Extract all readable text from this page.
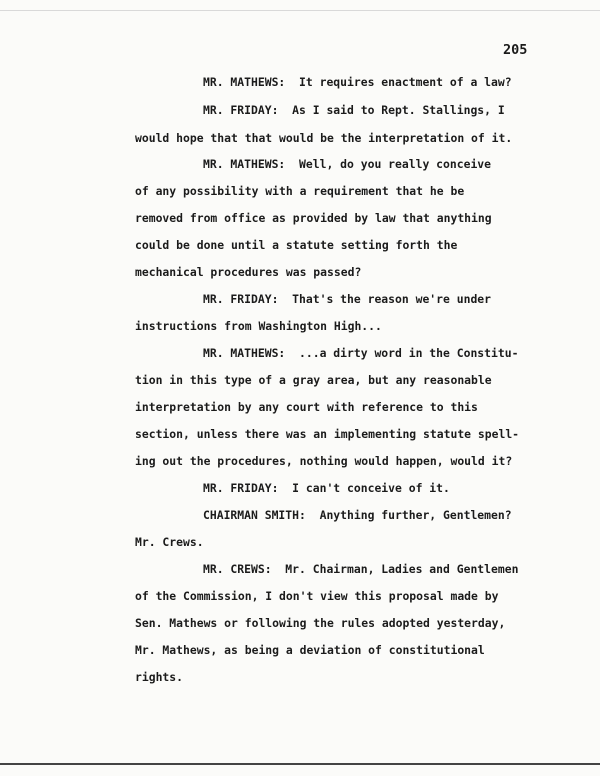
205
MR. MATHEWS:  It requires enactment of a law?
MR. FRIDAY:  As I said to Rept. Stallings, I
would hope that that would be the interpretation of it.
MR. MATHEWS:  Well, do you really conceive
of any possibility with a requirement that he be
removed from office as provided by law that anything
could be done until a statute setting forth the
mechanical procedures was passed?
MR. FRIDAY:  That's the reason we're under
instructions from Washington High...
MR. MATHEWS:  ...a dirty word in the Constitu-
tion in this type of a gray area, but any reasonable
interpretation by any court with reference to this
section, unless there was an implementing statute spell-
ing out the procedures, nothing would happen, would it?
MR. FRIDAY:  I can't conceive of it.
CHAIRMAN SMITH:  Anything further, Gentlemen?
Mr. Crews.
MR. CREWS:  Mr. Chairman, Ladies and Gentlemen
of the Commission, I don't view this proposal made by
Sen. Mathews or following the rules adopted yesterday,
Mr. Mathews, as being a deviation of constitutional
rights.
